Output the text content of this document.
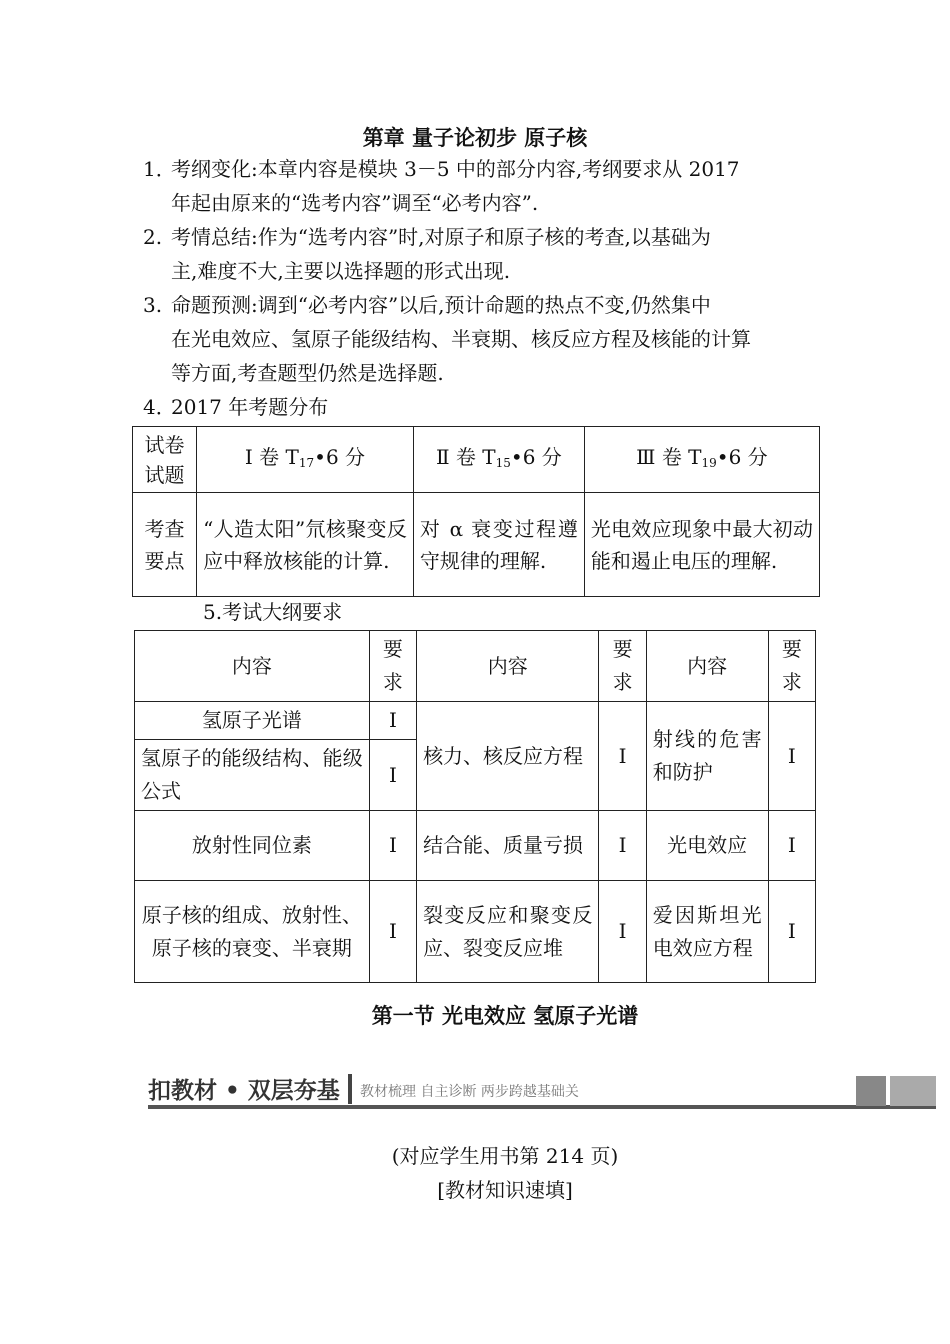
第章 量子论初步 原子核
1．考纲变化:本章内容是模块 3－5 中的部分内容,考纲要求从 2017
年起由原来的“选考内容”调至“必考内容”.
2. 考情总结:作为“选考内容”时,对原子和原子核的考查,以基础为
主,难度不大,主要以选择题的形式出现.
3. 命题预测:调到“必考内容”以后,预计命题的热点不变,仍然集中
在光电效应、氢原子能级结构、半衰期、核反应方程及核能的计算
等方面,考查题型仍然是选择题.
4．2017 年考题分布
试卷试题	Ⅰ 卷 $T_{17}•6$ 分	Ⅱ 卷 $T_{15}•6$ 分	Ⅲ 卷 $T_{19}•6$ 分
考查要点	“人造太阳”氘核聚变反应中释放核能的计算.	对 α 衰变过程遵守规律的理解.	光电效应现象中最大初动能和遏止电压的理解.
5.考试大纲要求
内容	要求	内容	要求	内容	要求
氢原子光谱	Ⅰ	核力、核反应方程	Ⅰ	射线的危害和防护	Ⅰ
氢原子的能级结构、能级公式	Ⅰ				
放射性同位素	Ⅰ	结合能、质量亏损	Ⅰ	光电效应	Ⅰ
原子核的组成、放射性、原子核的衰变、半衰期	Ⅰ	裂变反应和聚变反应、裂变反应堆	Ⅰ	爱因斯坦光电效应方程	Ⅰ
第一节 光电效应 氢原子光谱
扣教材 • 双层夯基 教材梳理 自主诊断 两步跨越基础关
(对应学生用书第 214 页)
[教材知识速填]
